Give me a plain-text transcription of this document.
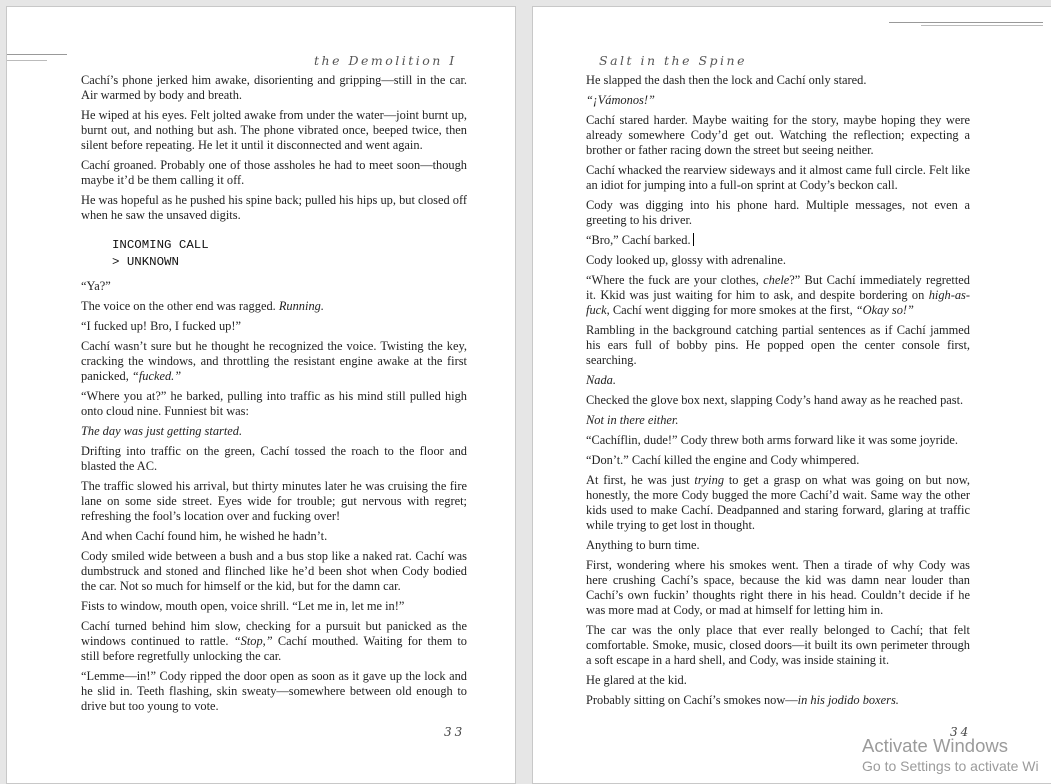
the Demolition I

Cachí’s phone jerked him awake, disorienting and gripping—still in the car. Air warmed by body and breath.

He wiped at his eyes. Felt jolted awake from under the water—joint burnt up, burnt out, and nothing but ash. The phone vibrated once, beeped twice, then silent before repeating. He let it until it disconnected and went again.

Cachí groaned. Probably one of those assholes he had to meet soon—though maybe it’d be them calling it off.

He was hopeful as he pushed his spine back; pulled his hips up, but closed off when he saw the unsaved digits.

INCOMING CALL
> UNKNOWN

“Ya?”

The voice on the other end was ragged. Running.

“I fucked up! Bro, I fucked up!”

Cachí wasn’t sure but he thought he recognized the voice. Twisting the key, cracking the windows, and throttling the resistant engine awake at the first panicked, “fucked.”

“Where you at?” he barked, pulling into traffic as his mind still pulled high onto cloud nine. Funniest bit was:

The day was just getting started.

Drifting into traffic on the green, Cachí tossed the roach to the floor and blasted the AC.

The traffic slowed his arrival, but thirty minutes later he was cruising the fire lane on some side street. Eyes wide for trouble; gut nervous with regret; refreshing the fool’s location over and fucking over!

And when Cachí found him, he wished he hadn’t.

Cody smiled wide between a bush and a bus stop like a naked rat. Cachí was dumbstruck and stoned and flinched like he’d been shot when Cody bodied the car. Not so much for himself or the kid, but for the damn car.

Fists to window, mouth open, voice shrill. “Let me in, let me in!”

Cachí turned behind him slow, checking for a pursuit but panicked as the windows continued to rattle. “Stop,” Cachí mouthed. Waiting for them to still before regretfully unlocking the car.

“Lemme—in!” Cody ripped the door open as soon as it gave up the lock and he slid in. Teeth flashing, skin sweaty—somewhere between old enough to drive but too young to vote.

33
Salt in the Spine

He slapped the dash then the lock and Cachí only stared.

“¡Vámonos!”

Cachí stared harder. Maybe waiting for the story, maybe hoping they were already somewhere Cody’d get out. Watching the reflection; expecting a brother or father racing down the street but seeing neither.

Cachí whacked the rearview sideways and it almost came full circle. Felt like an idiot for jumping into a full-on sprint at Cody’s beckon call.

Cody was digging into his phone hard. Multiple messages, not even a greeting to his driver.

“Bro,” Cachí barked.

Cody looked up, glossy with adrenaline.

“Where the fuck are your clothes, chele?” But Cachí immediately regretted it. Kkid was just waiting for him to ask, and despite bordering on high-as-fuck, Cachí went digging for more smokes at the first, “Okay so!”

Rambling in the background catching partial sentences as if Cachí jammed his ears full of bobby pins. He popped open the center console first, searching.

Nada.

Checked the glove box next, slapping Cody’s hand away as he reached past.

Not in there either.

“Cachíflin, dude!” Cody threw both arms forward like it was some joyride.

“Don’t.” Cachí killed the engine and Cody whimpered.

At first, he was just trying to get a grasp on what was going on but now, honestly, the more Cody bugged the more Cachí’d wait. Same way the other kids used to make Cachí. Deadpanned and staring forward, glaring at traffic while trying to get lost in thought.

Anything to burn time.

First, wondering where his smokes went. Then a tirade of why Cody was here crushing Cachí’s space, because the kid was damn near louder than Cachí’s own fuckin’ thoughts right there in his head. Couldn’t decide if he was more mad at Cody, or mad at himself for letting him in.

The car was the only place that ever really belonged to Cachí; that felt comfortable. Smoke, music, closed doors—it built its own perimeter through a soft escape in a hard shell, and Cody, was inside staining it.

He glared at the kid.

Probably sitting on Cachí’s smokes now—in his jodido boxers.

34
Activate Windows
Go to Settings to activate Wi
